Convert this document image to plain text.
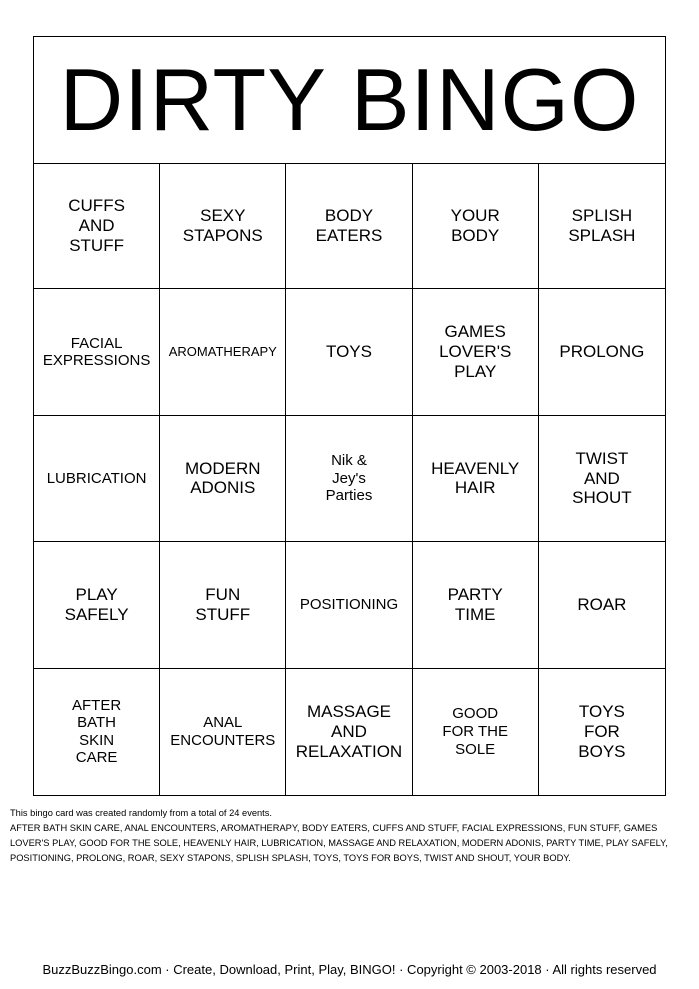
DIRTY BINGO
CUFFS
AND
STUFF
SEXY
STAPONS
BODY
EATERS
YOUR
BODY
SPLISH
SPLASH
FACIAL
EXPRESSIONS
AROMATHERAPY	TOYS
GAMES
LOVER'S
PLAY
PROLONG
LUBRICATION
MODERN
ADONIS
Nik &
Jey's
Parties
HEAVENLY
HAIR
TWIST
AND
SHOUT
PLAY
SAFELY
FUN
STUFF
POSITIONING
PARTY
TIME
ROAR
AFTER
BATH
SKIN
CARE
ANAL
ENCOUNTERS
MASSAGE
AND
RELAXATION
GOOD
FOR THE
SOLE
TOYS
FOR
BOYS
This bingo card was created randomly from a total of 24 events.
AFTER BATH SKIN CARE, ANAL ENCOUNTERS, AROMATHERAPY, BODY EATERS, CUFFS AND STUFF, FACIAL EXPRESSIONS, FUN STUFF, GAMES
LOVER'S PLAY, GOOD FOR THE SOLE, HEAVENLY HAIR, LUBRICATION, MASSAGE AND RELAXATION, MODERN ADONIS, PARTY TIME, PLAY SAFELY,
POSITIONING, PROLONG, ROAR, SEXY STAPONS, SPLISH SPLASH, TOYS, TOYS FOR BOYS, TWIST AND SHOUT, YOUR BODY.
BuzzBuzzBingo.com · Create, Download, Print, Play, BINGO! · Copyright © 2003-2018 · All rights reserved
